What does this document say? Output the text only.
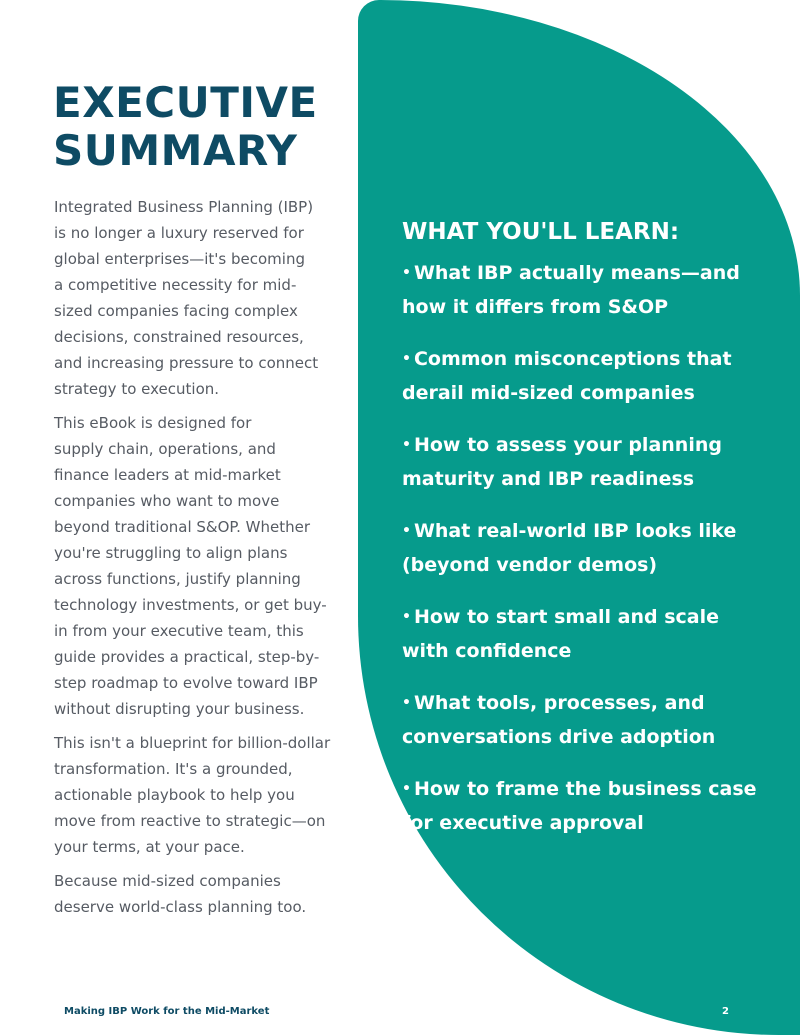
EXECUTIVE
SUMMARY

Integrated Business Planning (IBP)
is no longer a luxury reserved for
global enterprises—it's becoming
a competitive necessity for mid-
sized companies facing complex
decisions, constrained resources,
and increasing pressure to connect
strategy to execution.

This eBook is designed for
supply chain, operations, and
finance leaders at mid-market
companies who want to move
beyond traditional S&OP. Whether
you're struggling to align plans
across functions, justify planning
technology investments, or get buy-
in from your executive team, this
guide provides a practical, step-by-
step roadmap to evolve toward IBP
without disrupting your business.

This isn't a blueprint for billion-dollar
transformation. It's a grounded,
actionable playbook to help you
move from reactive to strategic—on
your terms, at your pace.

Because mid-sized companies
deserve world-class planning too.

WHAT YOU'LL LEARN:
• What IBP actually means—and
how it differs from S&OP
• Common misconceptions that
derail mid-sized companies
• How to assess your planning
maturity and IBP readiness
• What real-world IBP looks like
(beyond vendor demos)
• How to start small and scale
with confidence
• What tools, processes, and
conversations drive adoption
• How to frame the business case
for executive approval
Making IBP Work for the Mid-Market	2
